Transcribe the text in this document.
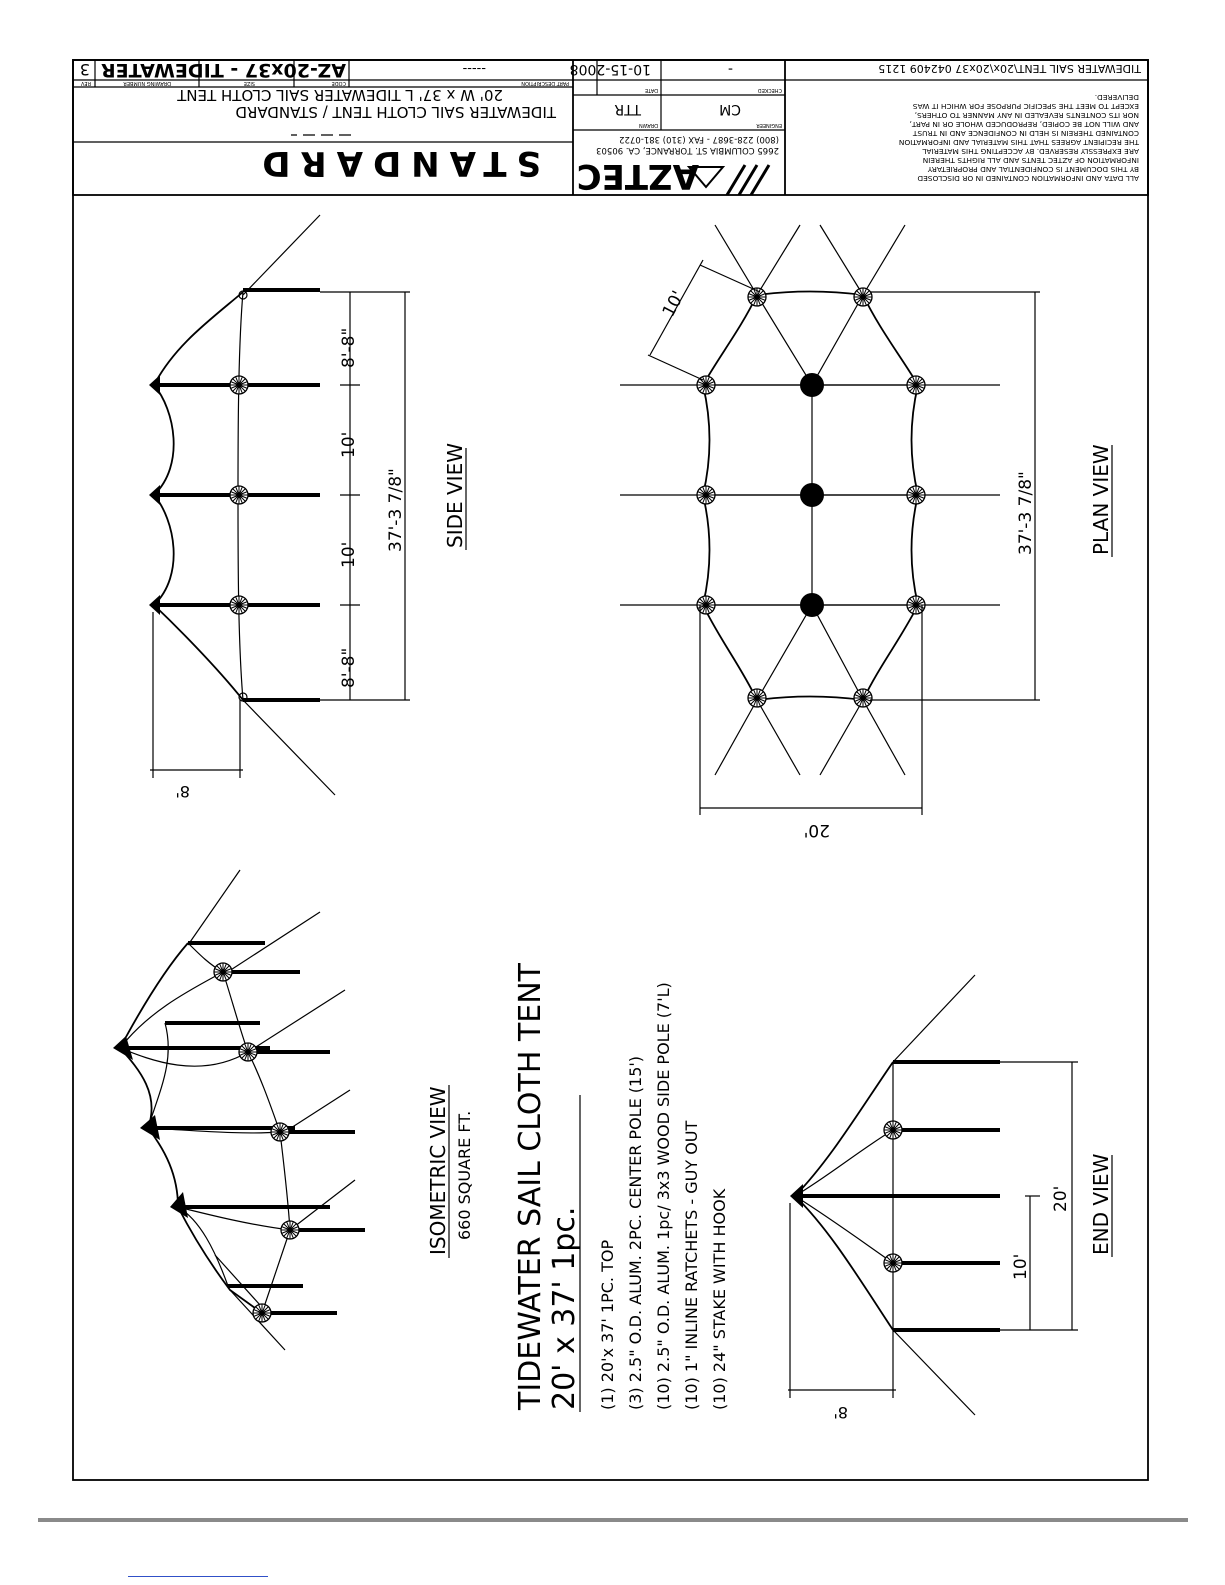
ALL DATA AND INFORMATION CONTAINED IN OR DISCLOSED
BY THIS DOCUMENT IS CONFIDENTIAL AND PROPRIETARY
INFORMATION OF AZTEC TENTS AND ALL RIGHTS THEREIN
ARE EXPRESSLY RESERVED. BY ACCEPTING THIS MATERIAL
THE RECIPIENT AGREES THAT THIS MATERIAL AND INFORMATION
CONTAINED THEREIN IS HELD IN CONFIDENCE AND IN TRUST
AND WILL NOT BE COPIED, REPRODUCED WHOLE OR IN PART,
NOR ITS CONTENTS REVEALED IN ANY MANNER TO OTHERS,
EXCEPT TO MEET THE SPECIFIC PURPOSE FOR WHICH IT WAS
DELIVERED.
TIDEWATER SAIL TENT\20x\20x37 042409 1215
AZTEC
2665 COLUMBIA ST. TORRANCE, CA. 90503
(800) 228-3687 - FAX (310) 381-0722
ENGINEER
DRAWN
CHECKED
DATE
CM
TTR
-
10-15-2008
STANDARD
TIDEWATER SAIL CLOTH TENT / STANDARD
20' W x 37' L TIDEWATER SAIL CLOTH TENT
PART DESCRIPTION
CODE
SIZE
DRAWING NUMBER
REV
-----
AZ-20x37 - TIDEWATER
3
8'-8"
10'
10'
8'-8"
37'-3 7/8"
8'
SIDE VIEW
10'
37'-3 7/8"
20'
PLAN VIEW
ISOMETRIC VIEW 660 SQUARE FT. TIDEWATER SAIL CLOTH TENT 20' x 37' 1pc. (1) 20'x 37' 1PC. TOP (3) 2.5" O.D. ALUM. 2PC. CENTER POLE (15') (10) 2.5" O.D. ALUM. 1pc/ 3x3 WOOD SIDE POLE (7'L) (10) 1" INLINE RATCHETS - GUY OUT (10) 24" STAKE WITH HOOK	10'
20'
8'
END VIEW
